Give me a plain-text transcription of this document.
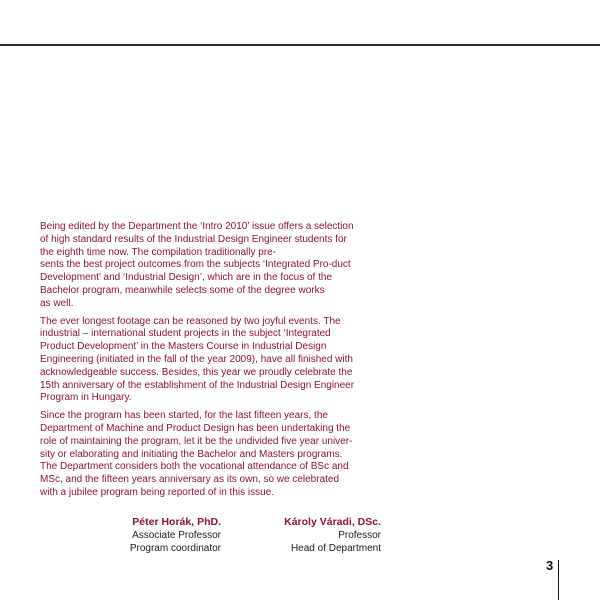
Being edited by the Department the ‘Intro 2010’ issue offers a selection
of high standard results of the Industrial Design Engineer students for
the eighth time now. The compilation traditionally pre-
sents the best project outcomes from the subjects ‘Integrated Pro-duct
Development’ and ‘Industrial Design’, which are in the focus of the
Bachelor program, meanwhile selects some of the degree works
as well.

The ever longest footage can be reasoned by two joyful events. The
industrial – international student projects in the subject ‘Integrated
Product Development’ in the Masters Course in Industrial Design
Engineering (initiated in the fall of the year 2009), have all finished with
acknowledgeable success. Besides, this year we proudly celebrate the
15th anniversary of the establishment of the Industrial Design Engineer
Program in Hungary.

Since the program has been started, for the last fifteen years, the
Department of Machine and Product Design has been undertaking the
role of maintaining the program, let it be the undivided five year univer-
sity or elaborating and initiating the Bachelor and Masters programs.
The Department considers both the vocational attendance of BSc and
MSc, and the fifteen years anniversary as its own, so we celebrated
with a jubilee program being reported of in this issue.

Péter Horák, PhD.
Associate Professor
Program coordinator
Károly Váradi, DSc.
Professor
Head of Department
3
